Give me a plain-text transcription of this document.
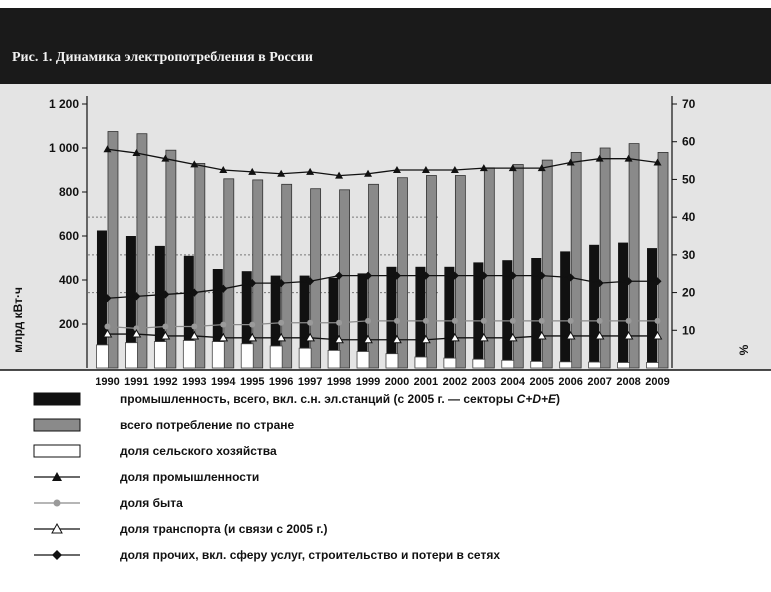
Рис. 1. Динамика электропотребления в России
200
400
600
800
1 000
1 200
10
20
30
40
50
60
70
млрд кВт·ч	%
1990 1991 1992 1993 1994 1995 1996 1997 1998 1999 2000 2001 2002 2003 2004 2005 2006 2007 2008 2009
промышленность, всего, вкл. с.н. эл.станций (с 2005 г. — секторы C+D+E)
всего потребление по стране
доля сельского хозяйства
доля промышленности
доля быта
доля транспорта (и связи с 2005 г.)
доля прочих, вкл. сферу услуг, строительство и потери в сетях
